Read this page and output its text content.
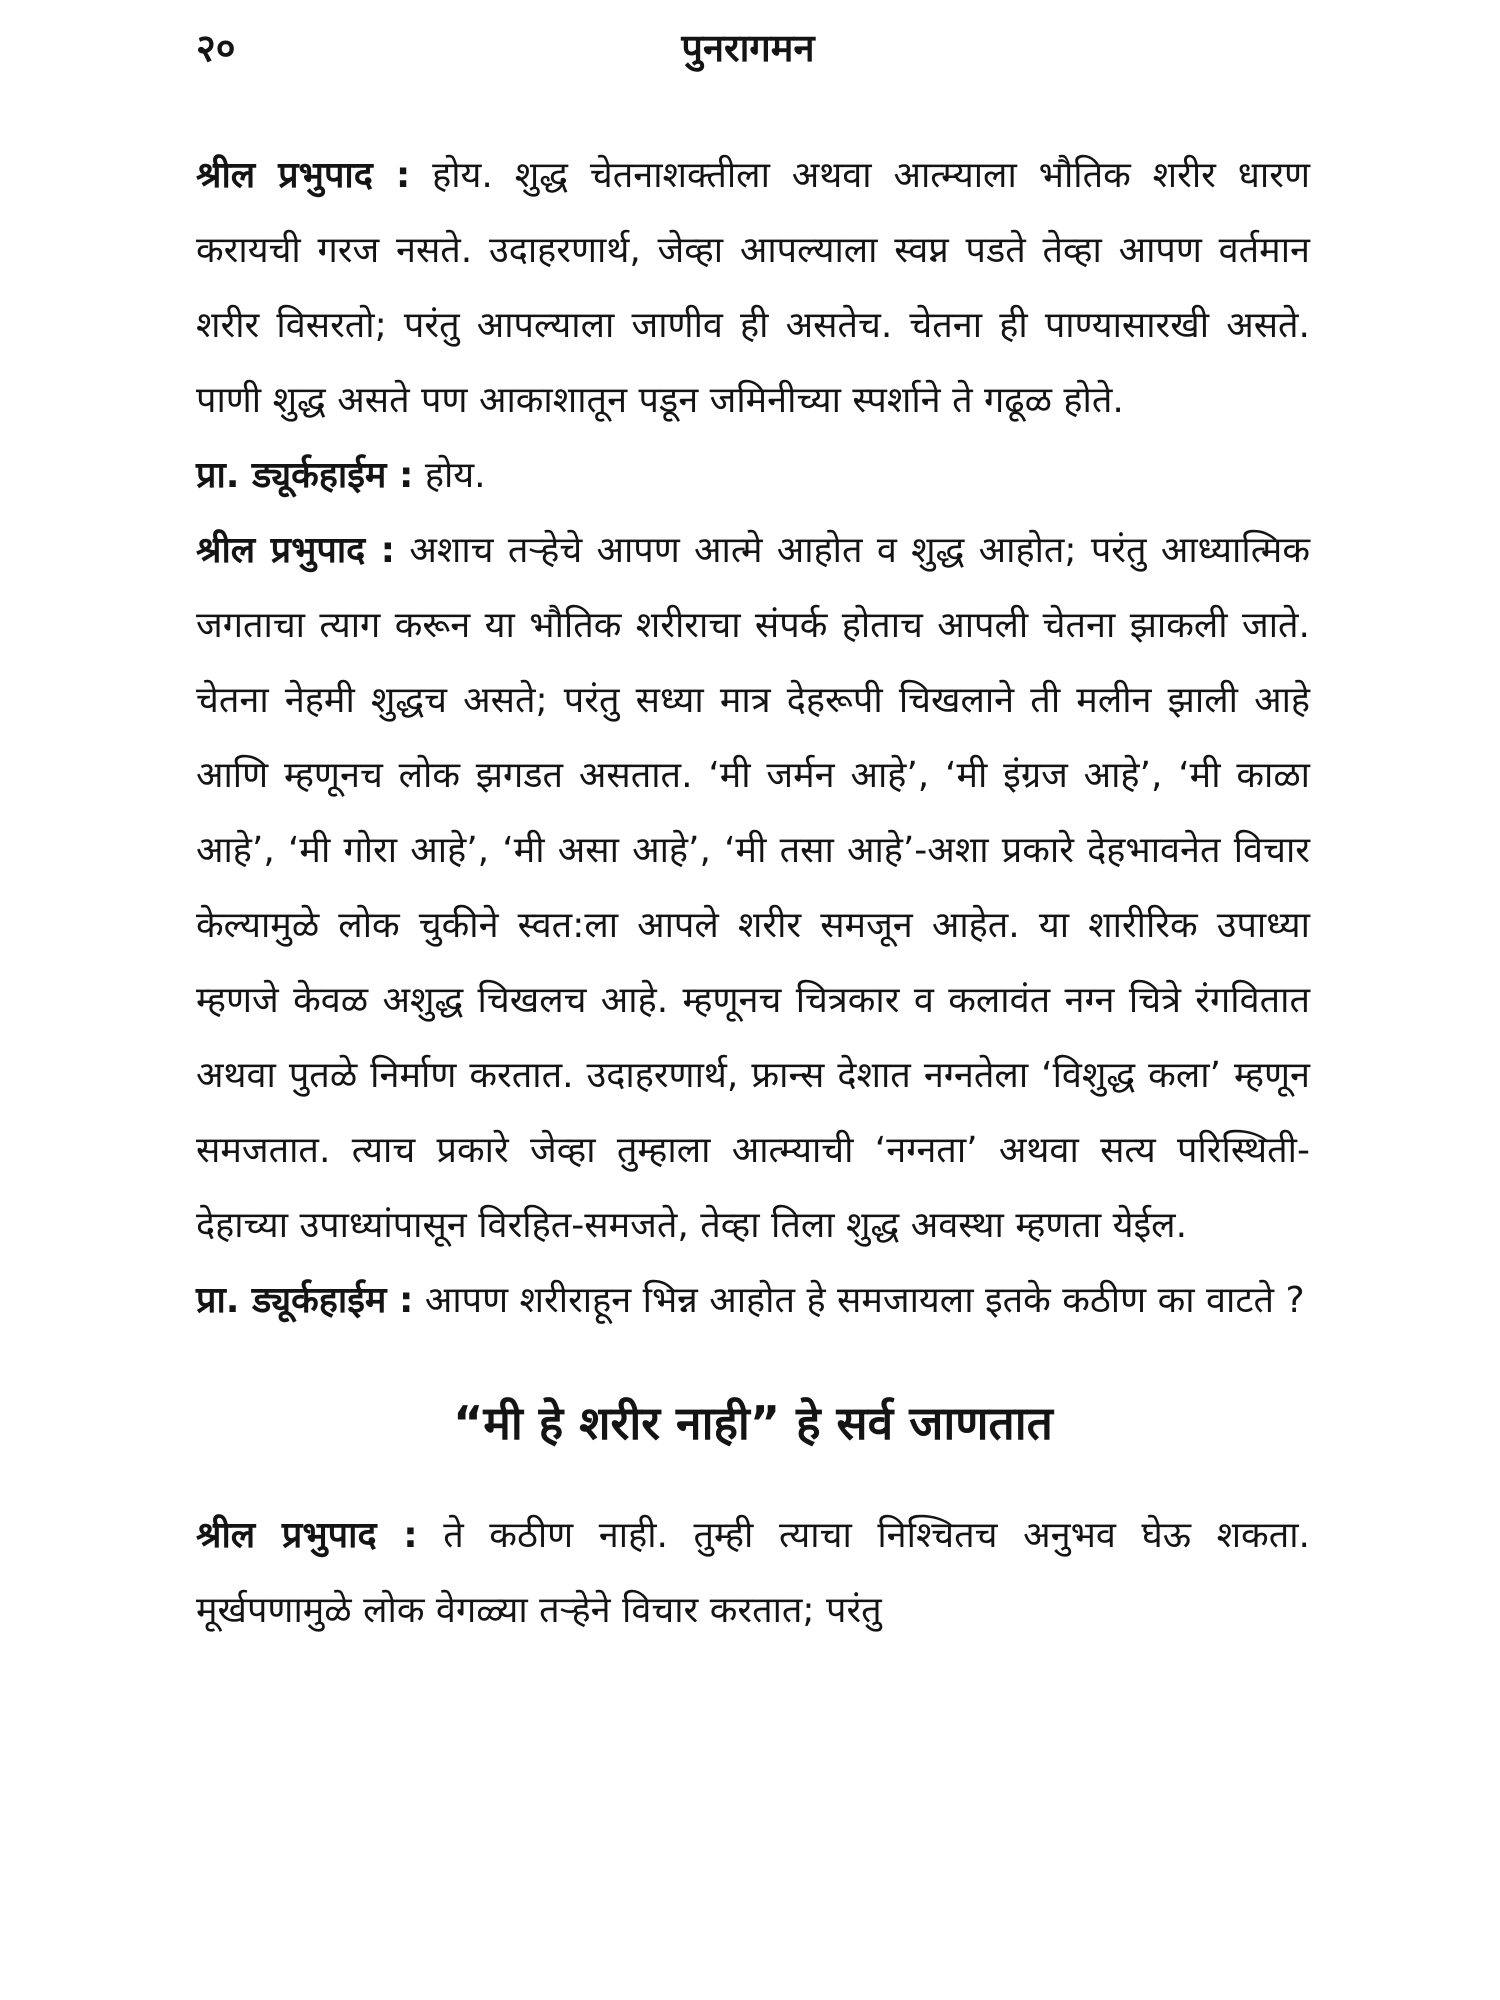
२०	पुनरागमन

श्रील प्रभुपाद : होय. शुद्ध चेतनाशक्तीला अथवा आत्म्याला भौतिक शरीर धारण करायची गरज नसते. उदाहरणार्थ, जेव्हा आपल्याला स्वप्न पडते तेव्हा आपण वर्तमान शरीर विसरतो; परंतु आपल्याला जाणीव ही असतेच. चेतना ही पाण्यासारखी असते. पाणी शुद्ध असते पण आकाशातून पडून जमिनीच्या स्पर्शाने ते गढूळ होते.

प्रा. ड्यूर्कहाईम : होय.

श्रील प्रभुपाद : अशाच तऱ्हेचे आपण आत्मे आहोत व शुद्ध आहोत; परंतु आध्यात्मिक जगताचा त्याग करून या भौतिक शरीराचा संपर्क होताच आपली चेतना झाकली जाते. चेतना नेहमी शुद्धच असते; परंतु सध्या मात्र देहरूपी चिखलाने ती मलीन झाली आहे आणि म्हणूनच लोक झगडत असतात. ‘मी जर्मन आहे’, ‘मी इंग्रज आहे’, ‘मी काळा आहे’, ‘मी गोरा आहे’, ‘मी असा आहे’, ‘मी तसा आहे’-अशा प्रकारे देहभावनेत विचार केल्यामुळे लोक चुकीने स्वत:ला आपले शरीर समजून आहेत. या शारीरिक उपाध्या म्हणजे केवळ अशुद्ध चिखलच आहे. म्हणूनच चित्रकार व कलावंत नग्न चित्रे रंगवितात अथवा पुतळे निर्माण करतात. उदाहरणार्थ, फ्रान्स देशात नग्नतेला ‘विशुद्ध कला’ म्हणून समजतात. त्याच प्रकारे जेव्हा तुम्हाला आत्म्याची ‘नग्नता’ अथवा सत्य परिस्थिती-देहाच्या उपाध्यांपासून विरहित-समजते, तेव्हा तिला शुद्ध अवस्था म्हणता येईल.

प्रा. ड्यूर्कहाईम : आपण शरीराहून भिन्न आहोत हे समजायला इतके कठीण का वाटते ?

“मी हे शरीर नाही” हे सर्व जाणतात

श्रील प्रभुपाद : ते कठीण नाही. तुम्ही त्याचा निश्चितच अनुभव घेऊ शकता. मूर्खपणामुळे लोक वेगळ्या तऱ्हेने विचार करतात; परंतु
